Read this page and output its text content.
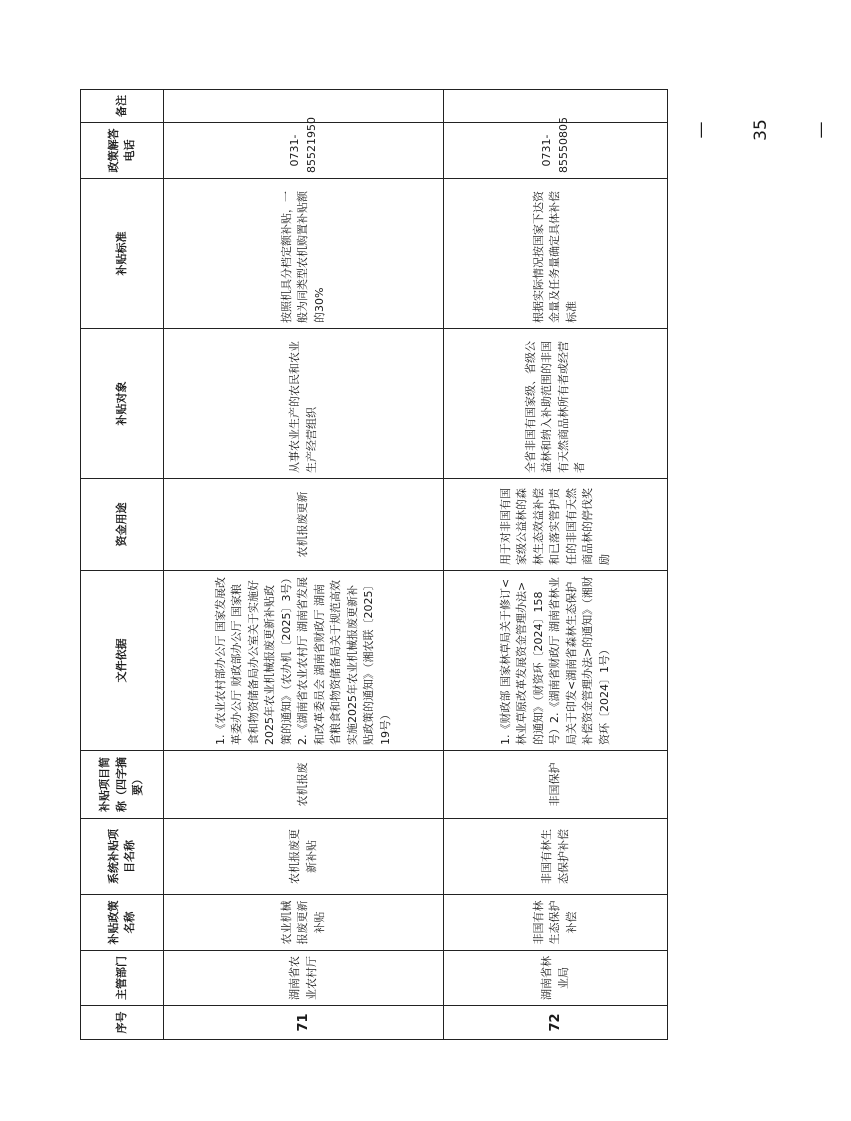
— 35 —
序号	主管部门	补贴政策名称	系统补贴项目名称	补贴项目简称（四字摘要）	文件依据	资金用途	补贴对象	补贴标准	政策解答电话	备注
71	湖南省农业农村厅	农业机械报废更新补贴	农机报废更新补贴	农机报废	1.《农业农村部办公厅 国家发展改革委办公厅 财政部办公厅 国家粮食和物资储备局办公室关于实施好2025年农业机械报废更新补贴政策的通知》（农办机〔2025〕3号）2.《湖南省农业农村厅 湖南省发展和改革委员会 湖南省财政厅 湖南省粮食和物资储备局关于规范高效实施2025年农业机械报废更新补贴政策的通知》（湘农联〔2025〕19号）	农机报废更新	从事农业生产的农民和农业生产经营组织	按照机具分档定额补贴，一般为同类型农机购置补贴额的30%	0731-85521950	
72	湖南省林业局	非国有林生态保护补偿	非国有林生态保护补偿	非国保护	1.《财政部 国家林草局关于修订<林业草原改革发展资金管理办法>的通知》（财资环〔2024〕158号）2.《湖南省财政厅 湖南省林业局关于印发<湖南省森林生态保护补偿资金管理办法>的通知》（湘财资环〔2024〕1号）	用于对非国有国家级公益林的森林生态效益补偿和已落实管护责任的非国有天然商品林的停伐奖励	全省非国有国家级、省级公益林和纳入补助范围的非国有天然商品林所有者或经营者	根据实际情况按国家下达资金量及任务量确定具体补偿标准	0731-85550805	
